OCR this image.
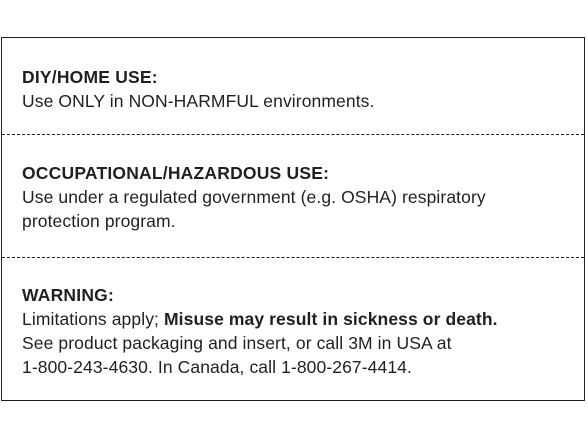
DIY/HOME USE:
Use ONLY in NON-HARMFUL environments.
OCCUPATIONAL/HAZARDOUS USE:
Use under a regulated government (e.g. OSHA) respiratory
protection program.
WARNING:
Limitations apply; Misuse may result in sickness or death.
See product packaging and insert, or call 3M in USA at
1-800-243-4630. In Canada, call 1-800-267-4414.
